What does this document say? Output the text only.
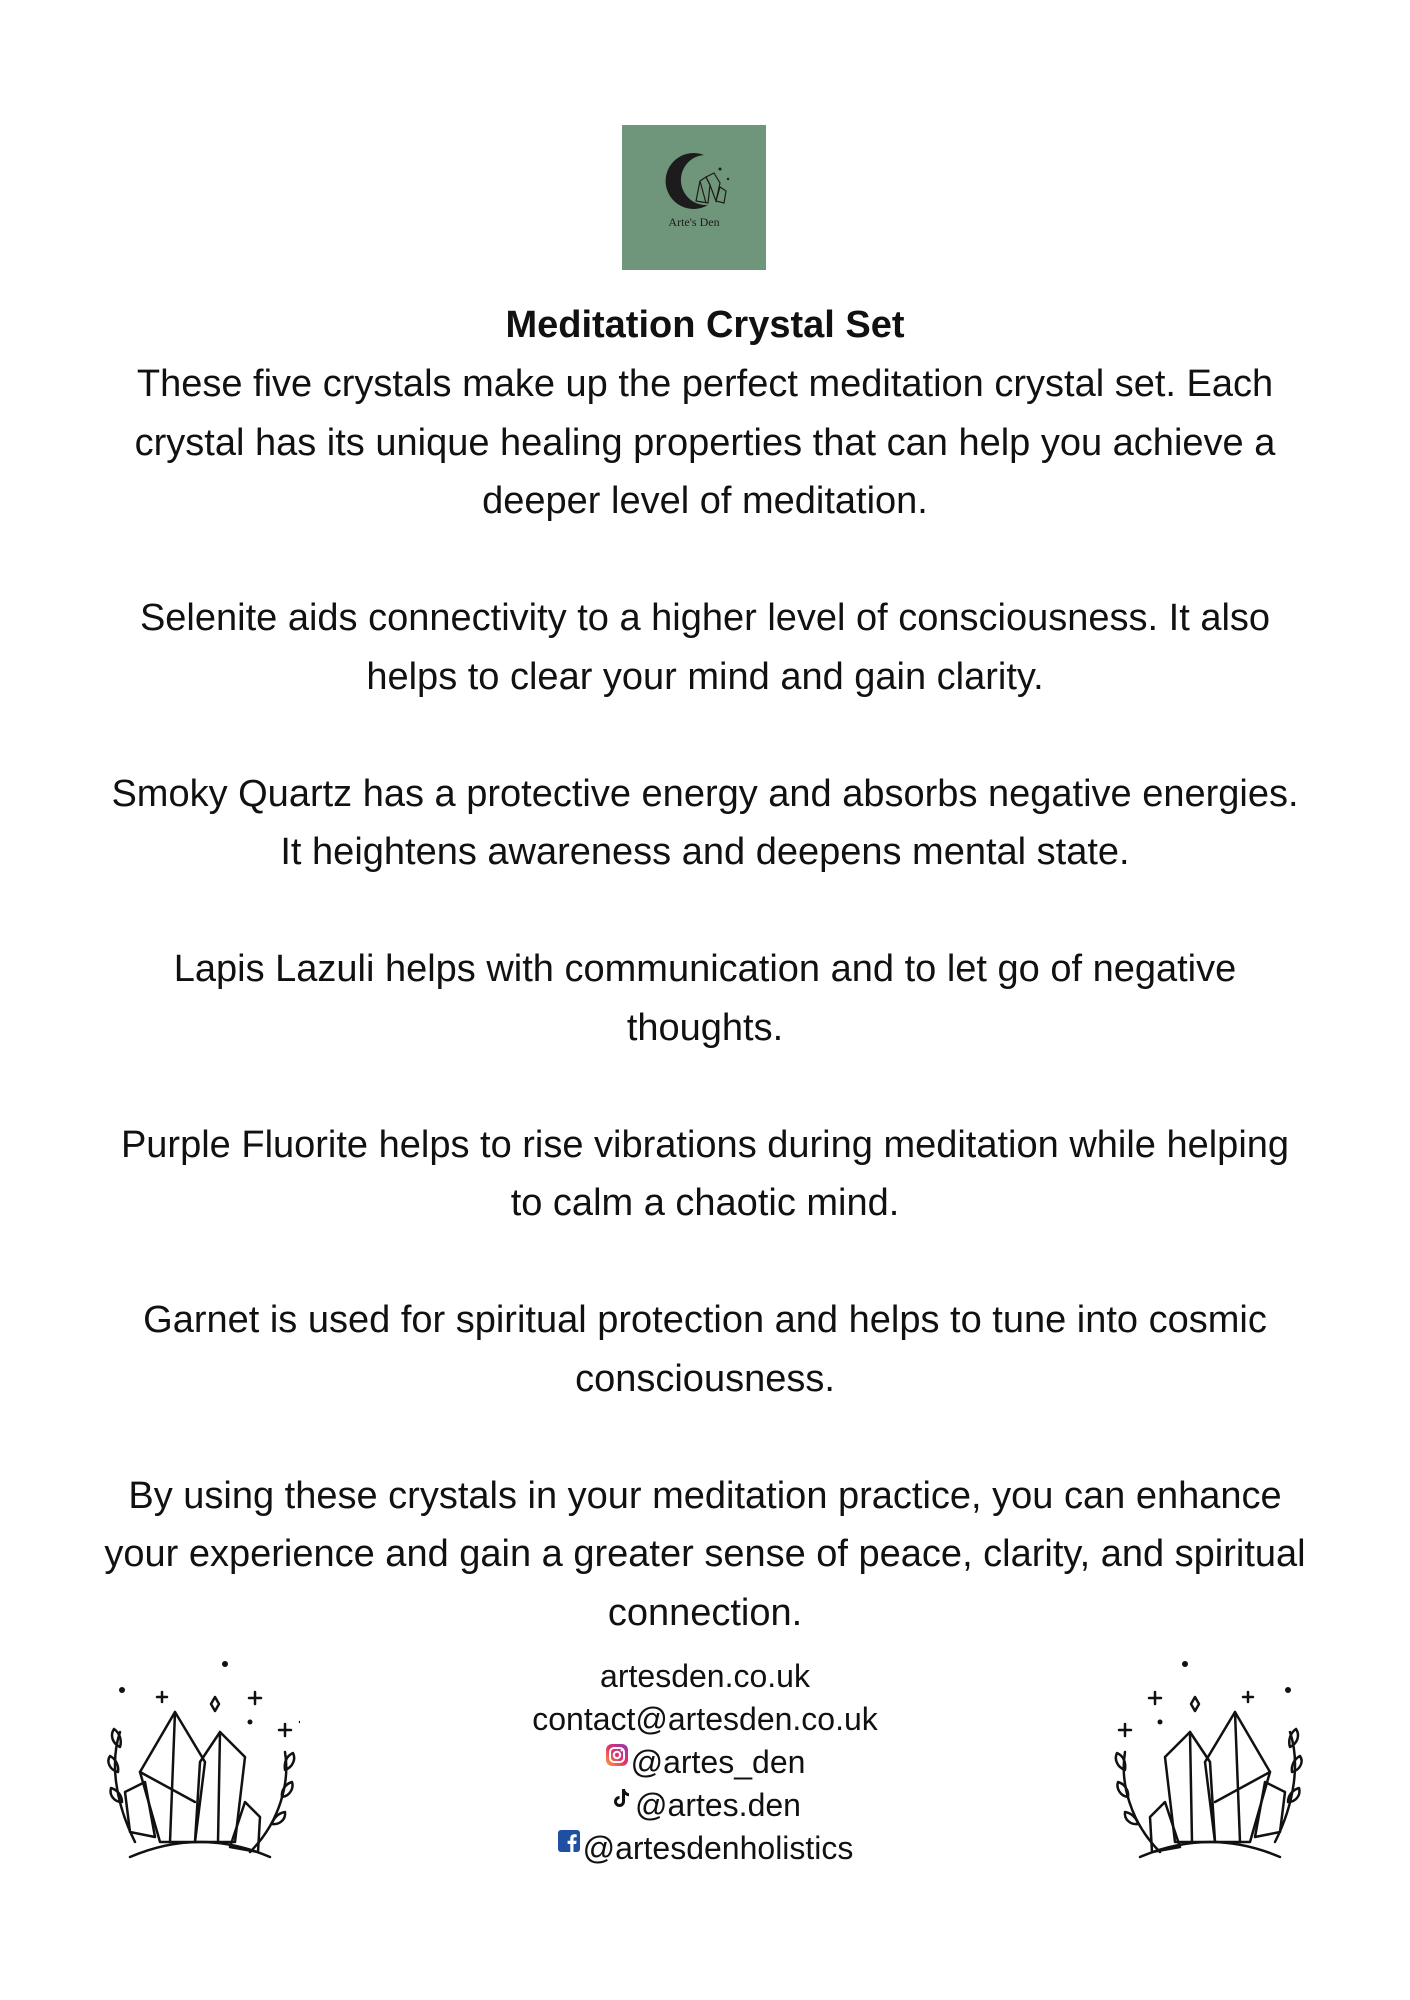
Arte's Den
Meditation Crystal Set

These five crystals make up the perfect meditation crystal set. Each crystal has its unique healing properties that can help you achieve a deeper level of meditation.

Selenite aids connectivity to a higher level of consciousness. It also helps to clear your mind and gain clarity.

Smoky Quartz has a protective energy and absorbs negative energies. It heightens awareness and deepens mental state.

Lapis Lazuli helps with communication and to let go of negative thoughts.

Purple Fluorite helps to rise vibrations during meditation while helping to calm a chaotic mind.

Garnet is used for spiritual protection and helps to tune into cosmic consciousness.

By using these crystals in your meditation practice, you can enhance your experience and gain a greater sense of peace, clarity, and spiritual connection.

artesden.co.uk
contact@artesden.co.uk
@artes_den
@artes.den
@artesdenholistics
